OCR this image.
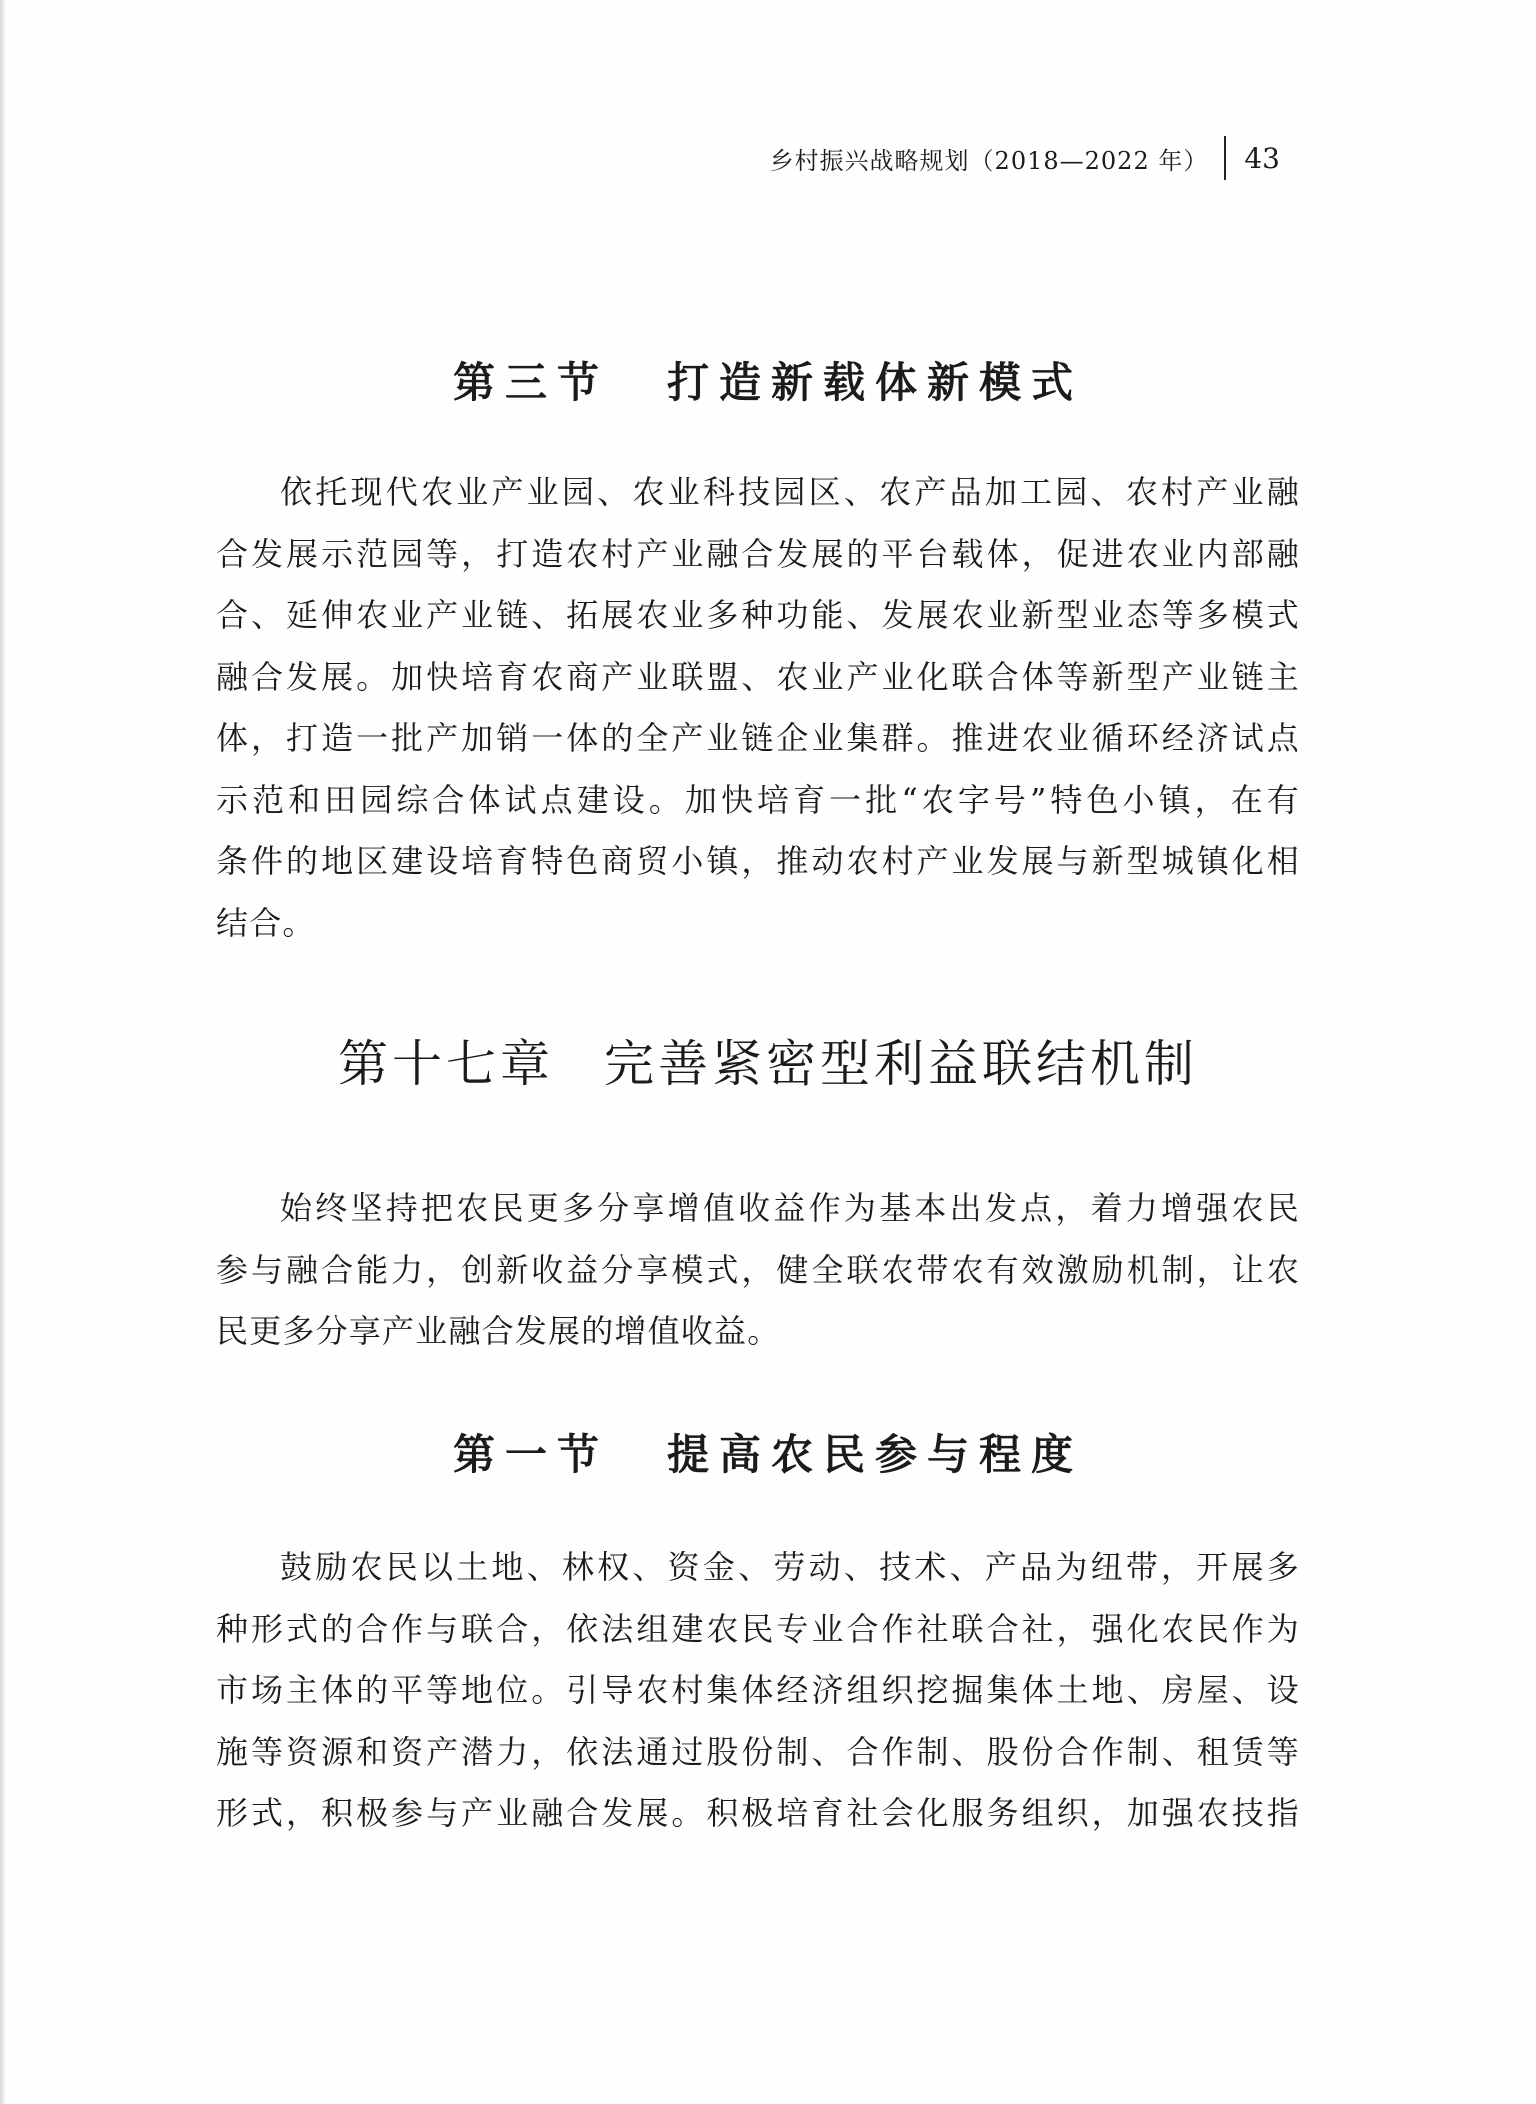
乡村振兴战略规划（2018—2022 年） 43
第三节 打造新载体新模式
依托现代农业产业园、农业科技园区、农产品加工园、农村产业融
合发展示范园等，打造农村产业融合发展的平台载体，促进农业内部融
合、延伸农业产业链、拓展农业多种功能、发展农业新型业态等多模式
融合发展。加快培育农商产业联盟、农业产业化联合体等新型产业链主
体，打造一批产加销一体的全产业链企业集群。推进农业循环经济试点
示范和田园综合体试点建设。加快培育一批“农字号”特色小镇，在有
条件的地区建设培育特色商贸小镇，推动农村产业发展与新型城镇化相
结合。
第十七章 完善紧密型利益联结机制
始终坚持把农民更多分享增值收益作为基本出发点，着力增强农民
参与融合能力，创新收益分享模式，健全联农带农有效激励机制，让农
民更多分享产业融合发展的增值收益。
第一节 提高农民参与程度
鼓励农民以土地、林权、资金、劳动、技术、产品为纽带，开展多
种形式的合作与联合，依法组建农民专业合作社联合社，强化农民作为
市场主体的平等地位。引导农村集体经济组织挖掘集体土地、房屋、设
施等资源和资产潜力，依法通过股份制、合作制、股份合作制、租赁等
形式，积极参与产业融合发展。积极培育社会化服务组织，加强农技指
